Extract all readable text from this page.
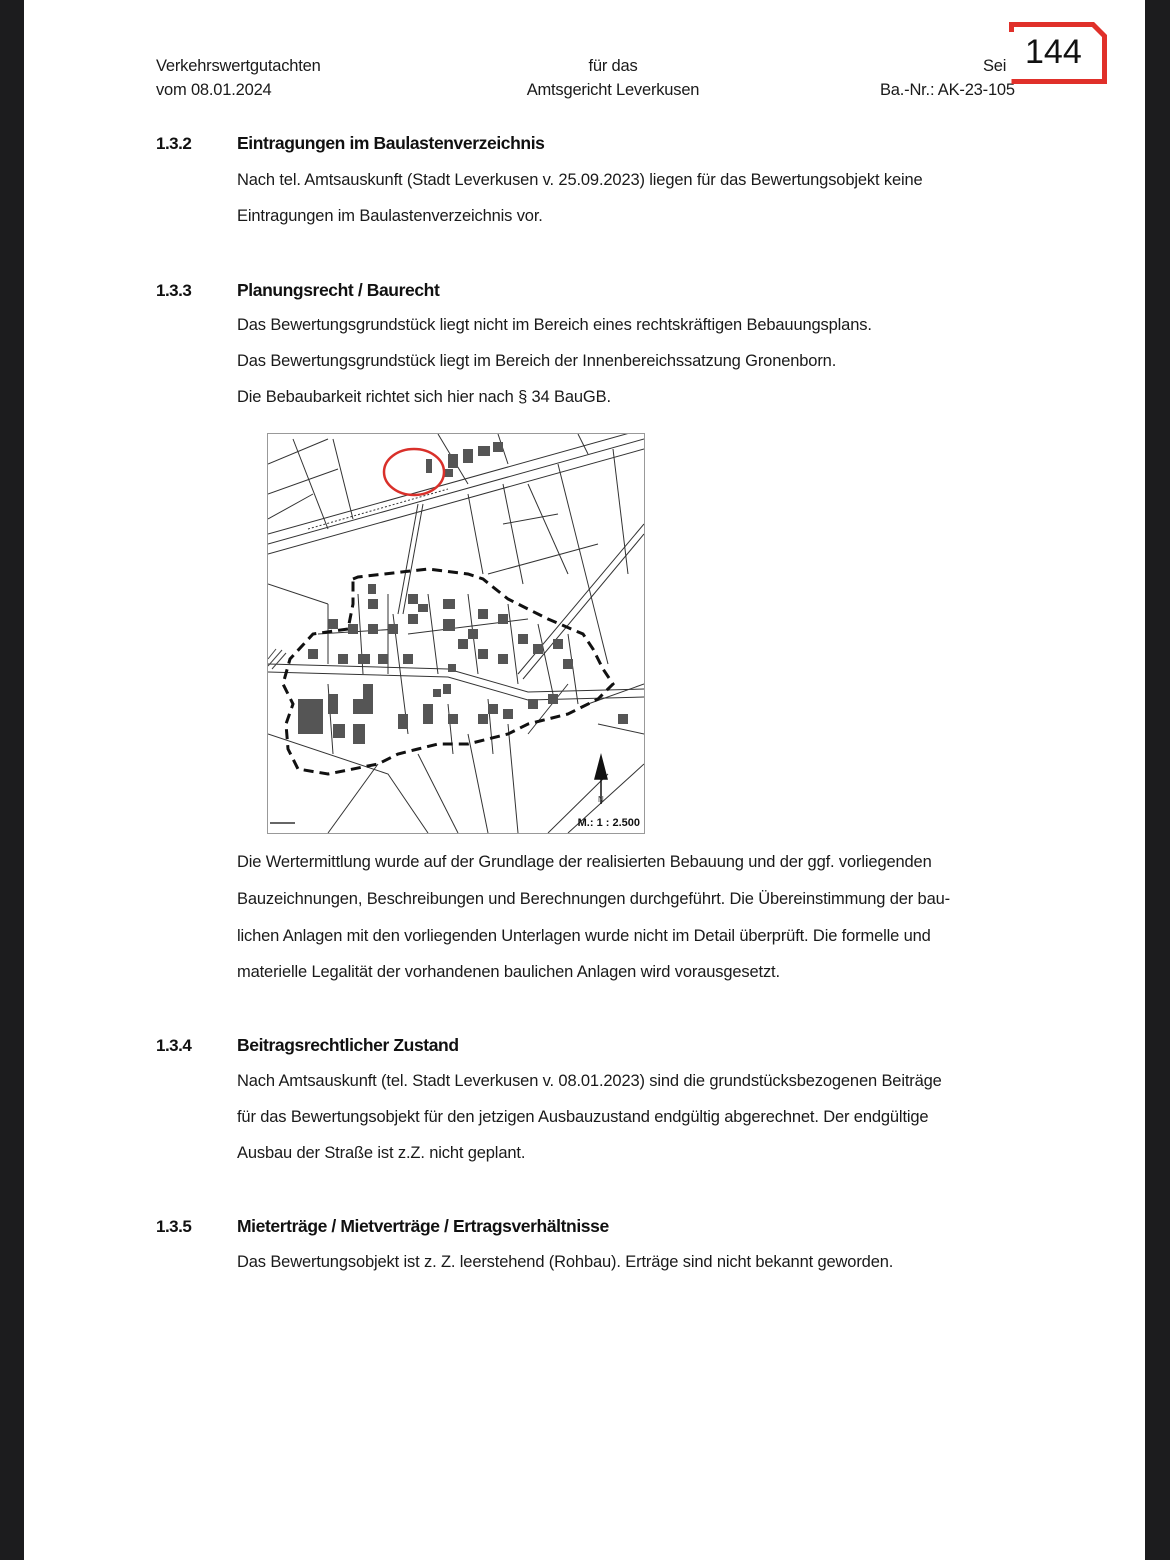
Verkehrswertgutachten
vom 08.01.2024
für das
Amtsgericht Leverkusen
Sei
Ba.-Nr.: AK-23-105
144
1.3.2	Eintragungen im Baulastenverzeichnis
Nach tel. Amtsauskunft (Stadt Leverkusen v. 25.09.2023) liegen für das Bewertungsobjekt keine
Eintragungen im Baulastenverzeichnis vor.
1.3.3	Planungsrecht / Baurecht
Das Bewertungsgrundstück liegt nicht im Bereich eines rechtskräftigen Bebauungsplans.
Das Bewertungsgrundstück liegt im Bereich der Innenbereichssatzung Gronenborn.
Die Bebaubarkeit richtet sich hier nach § 34 BauGB.
N
M.: 1 : 2.500
Die Wertermittlung wurde auf der Grundlage der realisierten Bebauung und der ggf. vorliegenden
Bauzeichnungen, Beschreibungen und Berechnungen durchgeführt. Die Übereinstimmung der bau-
lichen Anlagen mit den vorliegenden Unterlagen wurde nicht im Detail überprüft. Die formelle und
materielle Legalität der vorhandenen baulichen Anlagen wird vorausgesetzt.
1.3.4	Beitragsrechtlicher Zustand
Nach Amtsauskunft (tel. Stadt Leverkusen v. 08.01.2023) sind die grundstücksbezogenen Beiträge
für das Bewertungsobjekt für den jetzigen Ausbauzustand endgültig abgerechnet. Der endgültige
Ausbau der Straße ist z.Z. nicht geplant.
1.3.5	Mieterträge / Mietverträge / Ertragsverhältnisse
Das Bewertungsobjekt ist z. Z. leerstehend (Rohbau). Erträge sind nicht bekannt geworden.
